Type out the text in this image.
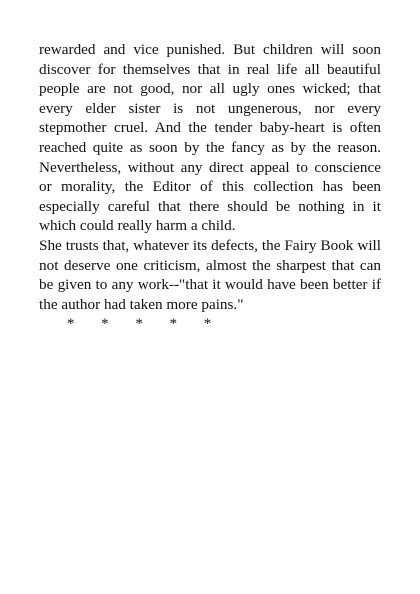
rewarded and vice punished. But children will soon discover for themselves that in real life all beautiful people are not good, nor all ugly ones wicked; that every elder sister is not ungenerous, nor every stepmother cruel. And the tender baby-heart is often reached quite as soon by the fancy as by the reason. Nevertheless, without any direct appeal to conscience or morality, the Editor of this collection has been especially careful that there should be nothing in it which could really harm a child.

She trusts that, whatever its defects, the Fairy Book will not deserve one criticism, almost the sharpest that can be given to any work--"that it would have been better if the author had taken more pains."

*       *       *       *       *
